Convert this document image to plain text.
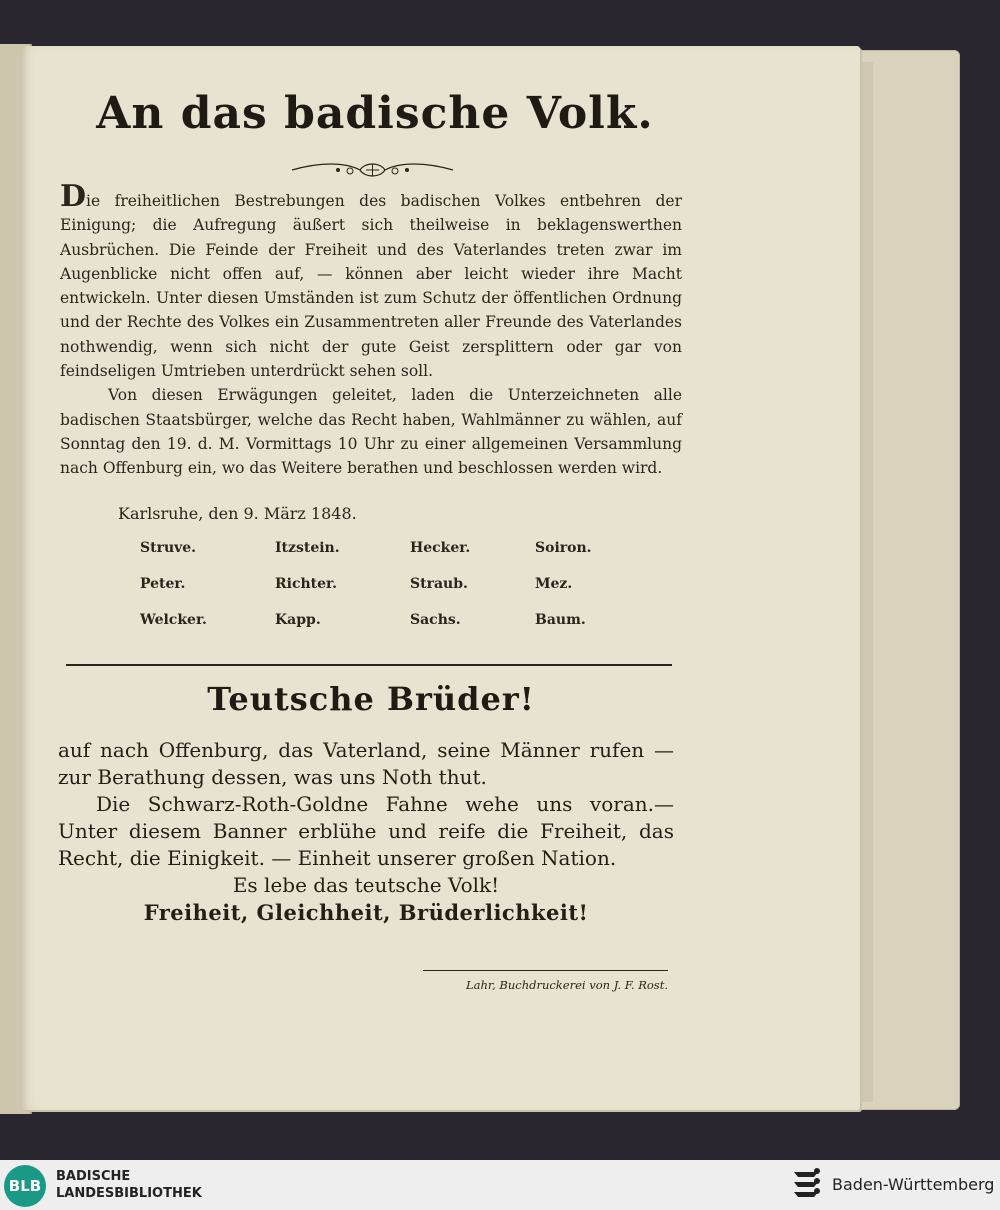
An das badische Volk.

Die freiheitlichen Bestrebungen des badischen Volkes entbehren der Einigung; die Aufregung äußert sich theilweise in beklagenswerthen Ausbrüchen. Die Feinde der Freiheit und des Vaterlandes treten zwar im Augenblicke nicht offen auf, — können aber leicht wieder ihre Macht entwickeln. Unter diesen Umständen ist zum Schutz der öffentlichen Ordnung und der Rechte des Volkes ein Zusammentreten aller Freunde des Vaterlandes nothwendig, wenn sich nicht der gute Geist zersplittern oder gar von feindseligen Umtrieben unterdrückt sehen soll.

Von diesen Erwägungen geleitet, laden die Unterzeichneten alle badischen Staatsbürger, welche das Recht haben, Wahlmänner zu wählen, auf Sonntag den 19. d. M. Vormittags 10 Uhr zu einer allgemeinen Versammlung nach Offenburg ein, wo das Weitere berathen und beschlossen werden wird.

Karlsruhe, den 9. März 1848.
Struve.	Itzstein.	Hecker.	Soiron.
Peter.	Richter.	Straub.	Mez.
Welcker.	Kapp.	Sachs.	Baum.
Teutsche Brüder!

auf nach Offenburg, das Vaterland, seine Männer rufen — zur Berathung dessen, was uns Noth thut.

Die Schwarz-Roth-Goldne Fahne wehe uns voran.— Unter diesem Banner erblühe und reife die Freiheit, das Recht, die Einigkeit. — Einheit unserer großen Nation.

Es lebe das teutsche Volk!

Freiheit, Gleichheit, Brüderlichkeit!

Lahr, Buchdruckerei von J. F. Rost.
BLB
BADISCHE
LANDESBIBLIOTHEK	Baden-Württemberg
